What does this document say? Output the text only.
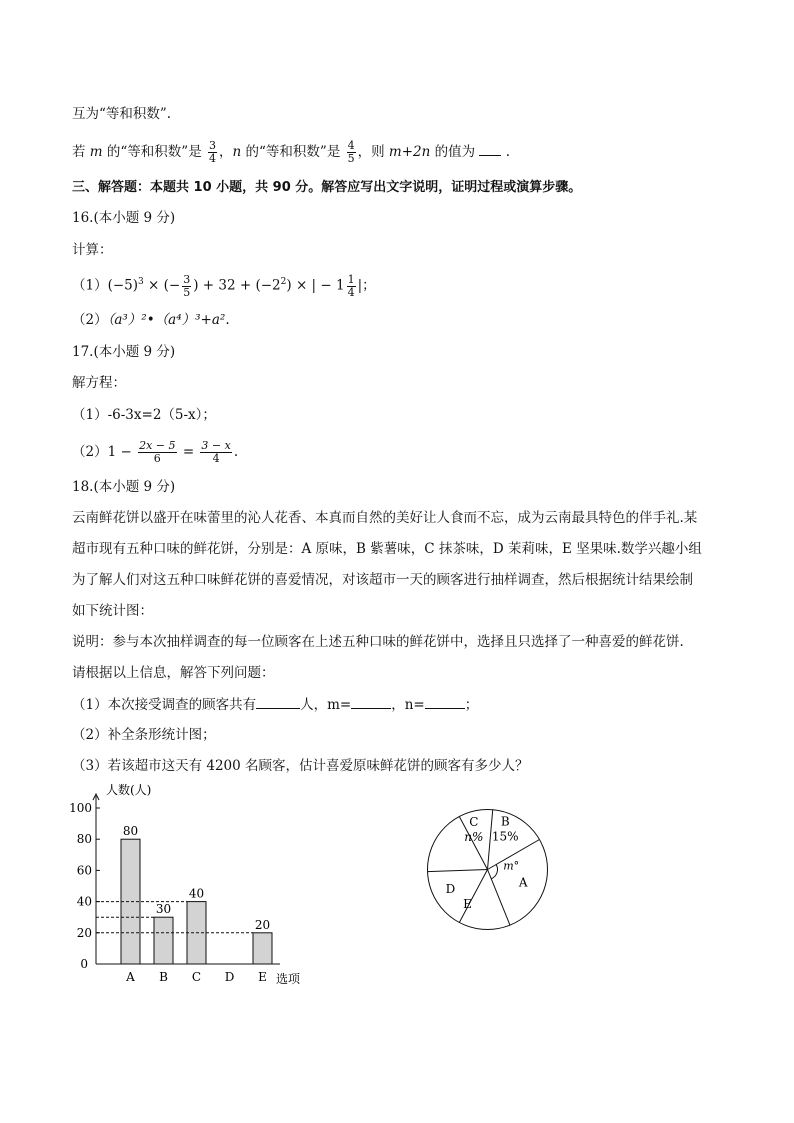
互为“等和积数”.
若 m 的“等和积数”是 $\frac{3}{4}$ ，n 的“等和积数”是 $\frac{4}{5}$ ，则 m+2n 的值为 .
三、解答题：本题共 10 小题，共 90 分。解答应写出文字说明，证明过程或演算步骤。
16.(本小题 9 分)
计算：
$(1)(-5)^3$ × (− $\frac{3}{5}$ ) + $32 + (-2^2)$ × | − $1 \frac{1}{4}$ |；
（2）（a³）²•（a⁴）³+a².
17.(本小题 9 分)
解方程：
（1）-6-3x=2（5-x）；
$(2)1 - \frac{2x - 5}{6} = \frac{3 - x}{4}$ .
18.(本小题 9 分)
云南鲜花饼以盛开在味蕾里的沁人花香、本真而自然的美好让人食而不忘，成为云南最具特色的伴手礼.某
超市现有五种口味的鲜花饼，分别是：A 原味，B 紫薯味，C 抹茶味，D 茉莉味，E 坚果味.数学兴趣小组
为了解人们对这五种口味鲜花饼的喜爱情况，对该超市一天的顾客进行抽样调查，然后根据统计结果绘制
如下统计图：
说明：参与本次抽样调查的每一位顾客在上述五种口味的鲜花饼中，选择且只选择了一种喜爱的鲜花饼.
请根据以上信息，解答下列问题：
（1）本次接受调查的顾客共有	人，m=	，n=	；
（2）补全条形统计图；
（3）若该超市这天有 4200 名顾客，估计喜爱原味鲜花饼的顾客有多少人？
0
20
40
60
80
100
人数(人)
选项
80
A
30
B
40
C D
20
E
A
B
15%
C
n%
D
E
m°
